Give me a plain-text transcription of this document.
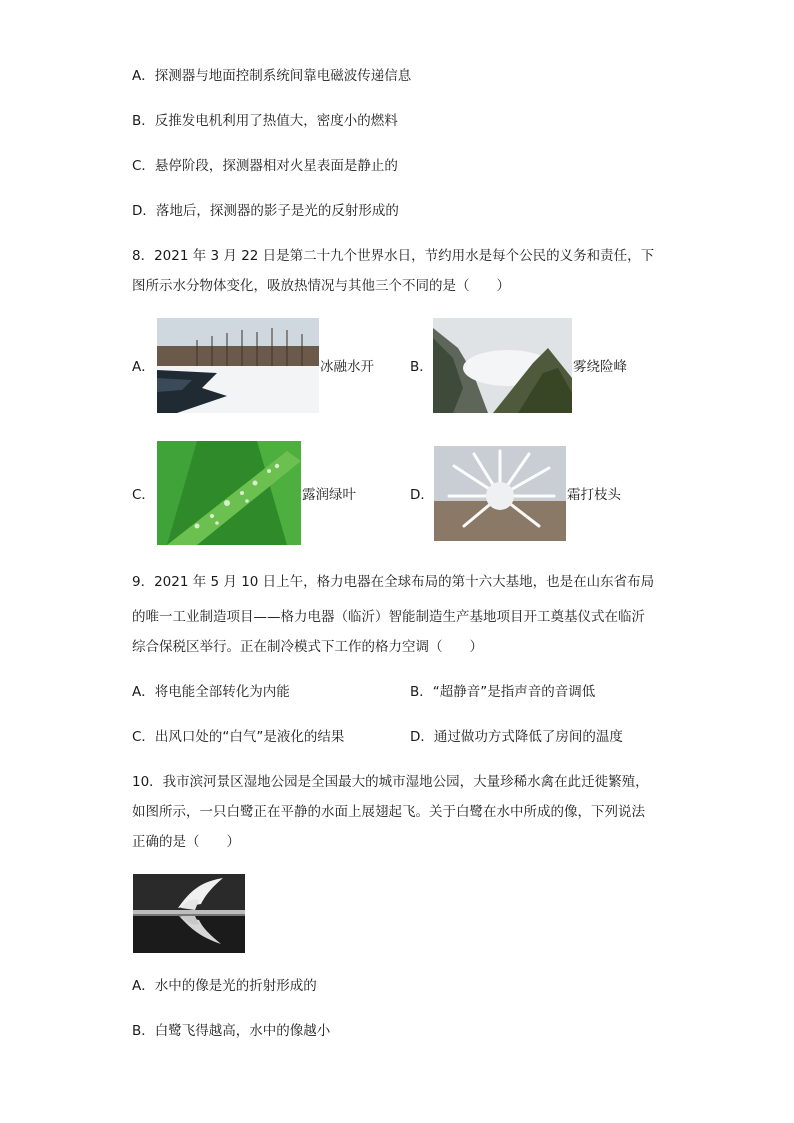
A．探测器与地面控制系统间靠电磁波传递信息
B．反推发电机利用了热值大，密度小的燃料
C．悬停阶段，探测器相对火星表面是静止的
D．落地后，探测器的影子是光的反射形成的
8．2021 年 3 月 22 日是第二十九个世界水日，节约用水是每个公民的义务和责任，下
图所示水分物体变化，吸放热情况与其他三个不同的是（　　）
A．	冰融水开	B．	雾绕险峰
C．	露润绿叶	D．	霜打枝头
9．2021 年 5 月 10 日上午，格力电器在全球布局的第十六大基地，也是在山东省布局
的唯一工业制造项目——格力电器（临沂）智能制造生产基地项目开工奠基仪式在临沂
综合保税区举行。正在制冷模式下工作的格力空调（　　）
A．将电能全部转化为内能	B．“超静音”是指声音的音调低
C．出风口处的“白气”是液化的结果	D．通过做功方式降低了房间的温度
10．我市滨河景区湿地公园是全国最大的城市湿地公园，大量珍稀水禽在此迁徙繁殖，
如图所示，一只白鹭正在平静的水面上展翅起飞。关于白鹭在水中所成的像，下列说法
正确的是（　　）
A．水中的像是光的折射形成的
B．白鹭飞得越高，水中的像越小
